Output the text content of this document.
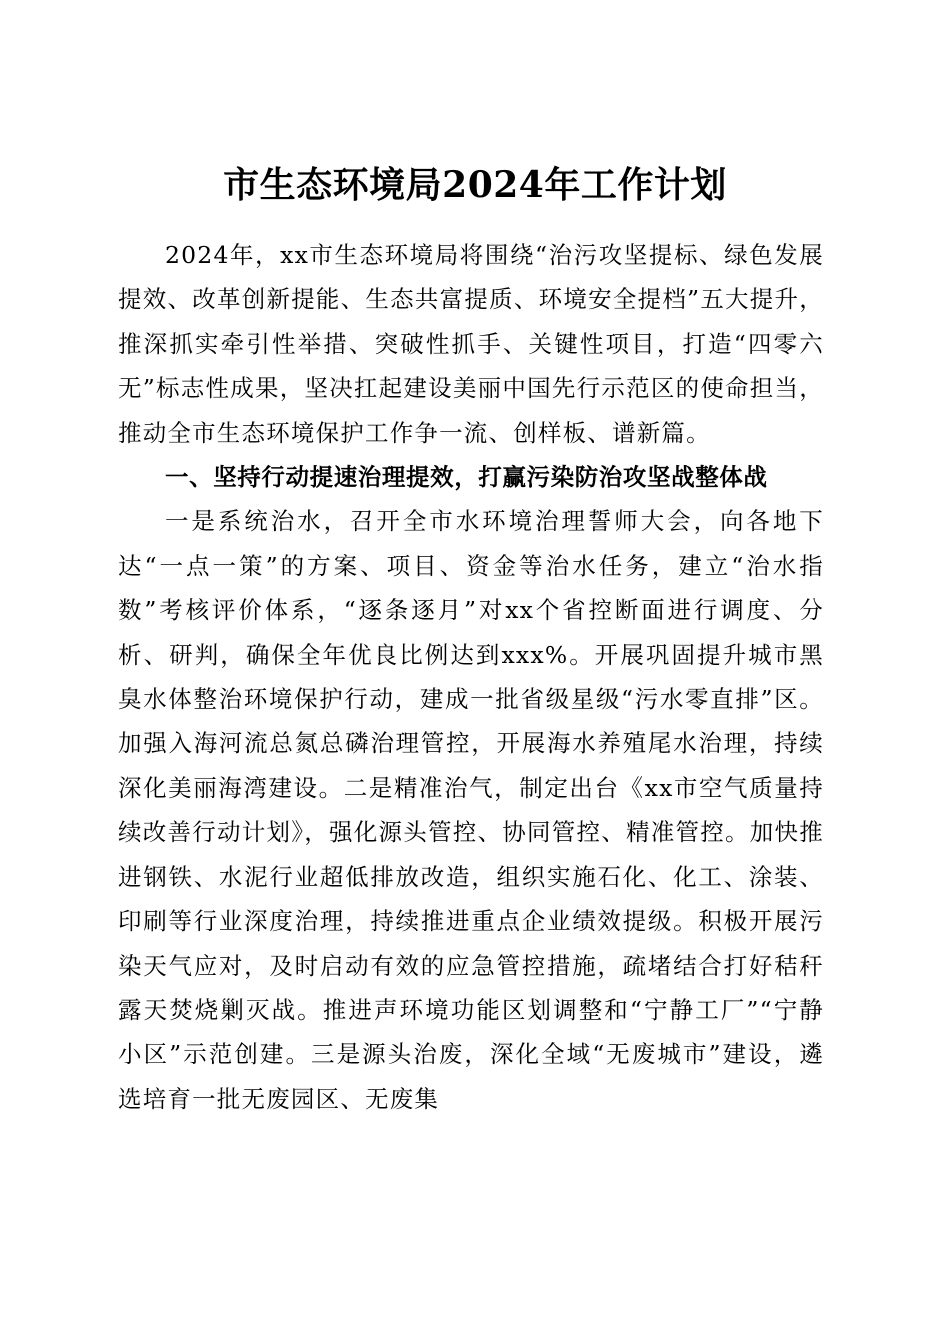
市生态环境局2024年工作计划

2024年，xx市生态环境局将围绕“治污攻坚提标、绿色发展提效、改革创新提能、生态共富提质、环境安全提档”五大提升，推深抓实牵引性举措、突破性抓手、关键性项目，打造“四零六无”标志性成果，坚决扛起建设美丽中国先行示范区的使命担当，推动全市生态环境保护工作争一流、创样板、谱新篇。

一、坚持行动提速治理提效，打赢污染防治攻坚战整体战

一是系统治水，召开全市水环境治理誓师大会，向各地下达“一点一策”的方案、项目、资金等治水任务，建立“治水指数”考核评价体系，“逐条逐月”对xx个省控断面进行调度、分析、研判，确保全年优良比例达到xxx%。开展巩固提升城市黑臭水体整治环境保护行动，建成一批省级星级“污水零直排”区。加强入海河流总氮总磷治理管控，开展海水养殖尾水治理，持续深化美丽海湾建设。二是精准治气，制定出台《xx市空气质量持续改善行动计划》，强化源头管控、协同管控、精准管控。加快推进钢铁、水泥行业超低排放改造，组织实施石化、化工、涂装、印刷等行业深度治理，持续推进重点企业绩效提级。积极开展污染天气应对，及时启动有效的应急管控措施，疏堵结合打好秸秆露天焚烧剿灭战。推进声环境功能区划调整和“宁静工厂”“宁静小区”示范创建。三是源头治废，深化全域“无废城市”建设，遴选培育一批无废园区、无废集
